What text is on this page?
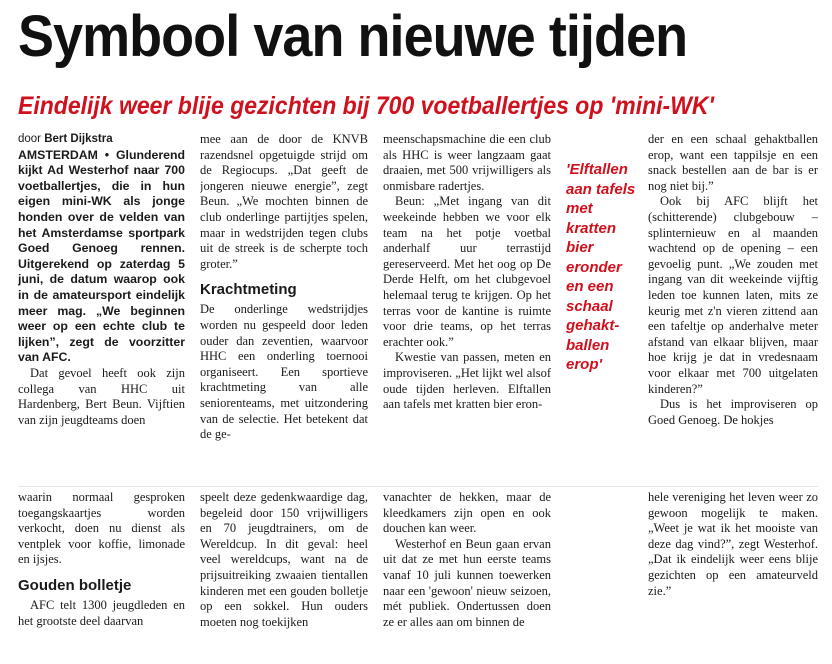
Symbool van nieuwe tijden
Eindelijk weer blije gezichten bij 700 voetballertjes op 'mini-WK'

door Bert Dijkstra

AMSTERDAM • Glunderend kijkt Ad Westerhof naar 700 voetballertjes, die in hun eigen mini-WK als jonge honden over de velden van het Amsterdamse sportpark Goed Genoeg rennen. Uitgerekend op zaterdag 5 juni, de datum waarop ook in de amateursport eindelijk meer mag. „We beginnen weer op een echte club te lijken”, zegt de voorzitter van AFC.

Dat gevoel heeft ook zijn collega van HHC uit Hardenberg, Bert Beun. Vijftien van zijn jeugdteams doen

mee aan de door de KNVB razendsnel opgetuigde strijd om de Regiocups. „Dat geeft de jongeren nieuwe energie”, zegt Beun. „We mochten binnen de club onderlinge partijtjes spelen, maar in wedstrijden tegen clubs uit de streek is de scherpte toch groter.”

Krachtmeting

De onderlinge wedstrijdjes worden nu gespeeld door leden ouder dan zeventien, waarvoor HHC een onderling toernooi organiseert. Een sportieve krachtmeting van alle seniorenteams, met uitzondering van de selectie. Het betekent dat de ge-

meenschapsmachine die een club als HHC is weer langzaam gaat draaien, met 500 vrijwilligers als onmisbare radertjes.

Beun: „Met ingang van dit weekeinde hebben we voor elk team na het potje voetbal anderhalf uur terrastijd gereserveerd. Met het oog op De Derde Helft, om het clubgevoel helemaal terug te krijgen. Op het terras voor de kantine is ruimte voor drie teams, op het terras erachter ook.”

Kwestie van passen, meten en improviseren. „Het lijkt wel alsof oude tijden herleven. Elftallen aan tafels met kratten bier eron-

'Elftallen aan tafels met kratten bier eronder en een schaal gehakt-ballen erop'

der en een schaal gehaktballen erop, want een tappilsje en een snack bestellen aan de bar is er nog niet bij.”

Ook bij AFC blijft het (schitterende) clubgebouw – splinternieuw en al maanden wachtend op de opening – een gevoelig punt. „We zouden met ingang van dit weekeinde vijftig leden toe kunnen laten, mits ze keurig met z'n vieren zittend aan een tafeltje op anderhalve meter afstand van elkaar blijven, maar hoe krijg je dat in vredesnaam voor elkaar met 700 uitgelaten kinderen?”

Dus is het improviseren op Goed Genoeg. De hokjes

waarin normaal gesproken toegangskaartjes worden verkocht, doen nu dienst als ventplek voor koffie, limonade en ijsjes.

Gouden bolletje

AFC telt 1300 jeugdleden en het grootste deel daarvan

speelt deze gedenkwaardige dag, begeleid door 150 vrijwilligers en 70 jeugdtrainers, om de Wereldcup. In dit geval: heel veel wereldcups, want na de prijsuitreiking zwaaien tientallen kinderen met een gouden bolletje op een sokkel. Hun ouders moeten nog toekijken

vanachter de hekken, maar de kleedkamers zijn open en ook douchen kan weer.

Westerhof en Beun gaan ervan uit dat ze met hun eerste teams vanaf 10 juli kunnen toewerken naar een 'gewoon' nieuw seizoen, mét publiek. Ondertussen doen ze er alles aan om binnen de

hele vereniging het leven weer zo gewoon mogelijk te maken. „Weet je wat ik het mooiste van deze dag vind?”, zegt Westerhof. „Dat ik eindelijk weer eens blije gezichten op een amateurveld zie.”
